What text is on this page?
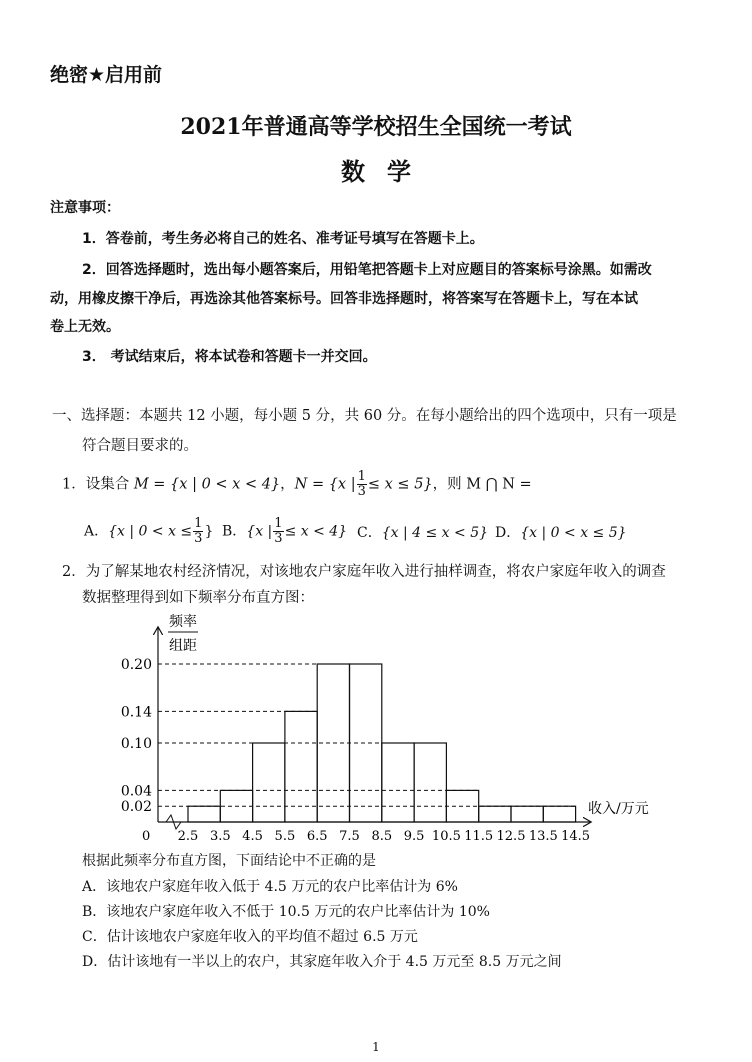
绝密★启用前
2021年普通高等学校招生全国统一考试
数学
注意事项：
1．答卷前，考生务必将自己的姓名、准考证号填写在答题卡上。
2．回答选择题时，选出每小题答案后，用铅笔把答题卡上对应题目的答案标号涂黑。如需改
动，用橡皮擦干净后，再选涂其他答案标号。回答非选择题时，将答案写在答题卡上，写在本试
卷上无效。
3． 考试结束后，将本试卷和答题卡一并交回。
一、选择题：本题共 12 小题，每小题 5 分，共 60 分。在每小题给出的四个选项中，只有一项是
符合题目要求的。
1．设集合 M = {x | 0 < x < 4}，N = {x | $\frac{1}{3} \le x \le 5$}，则 M ⋂ N =
A．{x | $0 < x \le \frac{1}{3}$ } B．{x | $\frac{1}{3} \le x < 4$} C．{x | 4 ≤ x < 5} D．{x | 0 < x ≤ 5}
2．为了解某地农村经济情况，对该地农户家庭年收入进行抽样调查，将农户家庭年收入的调查
数据整理得到如下频率分布直方图：
频率
组距
收入/万元
0
0.02
0.04
0.10
0.14
0.20
2.5 3.5 4.5 5.5 6.5 7.5 8.5 9.5 10.5 11.5 12.5 13.5 14.5
根据此频率分布直方图，下面结论中不正确的是
A．该地农户家庭年收入低于 4.5 万元的农户比率估计为 6%
B．该地农户家庭年收入不低于 10.5 万元的农户比率估计为 10%
C．估计该地农户家庭年收入的平均值不超过 6.5 万元
D．估计该地有一半以上的农户，其家庭年收入介于 4.5 万元至 8.5 万元之间
1
